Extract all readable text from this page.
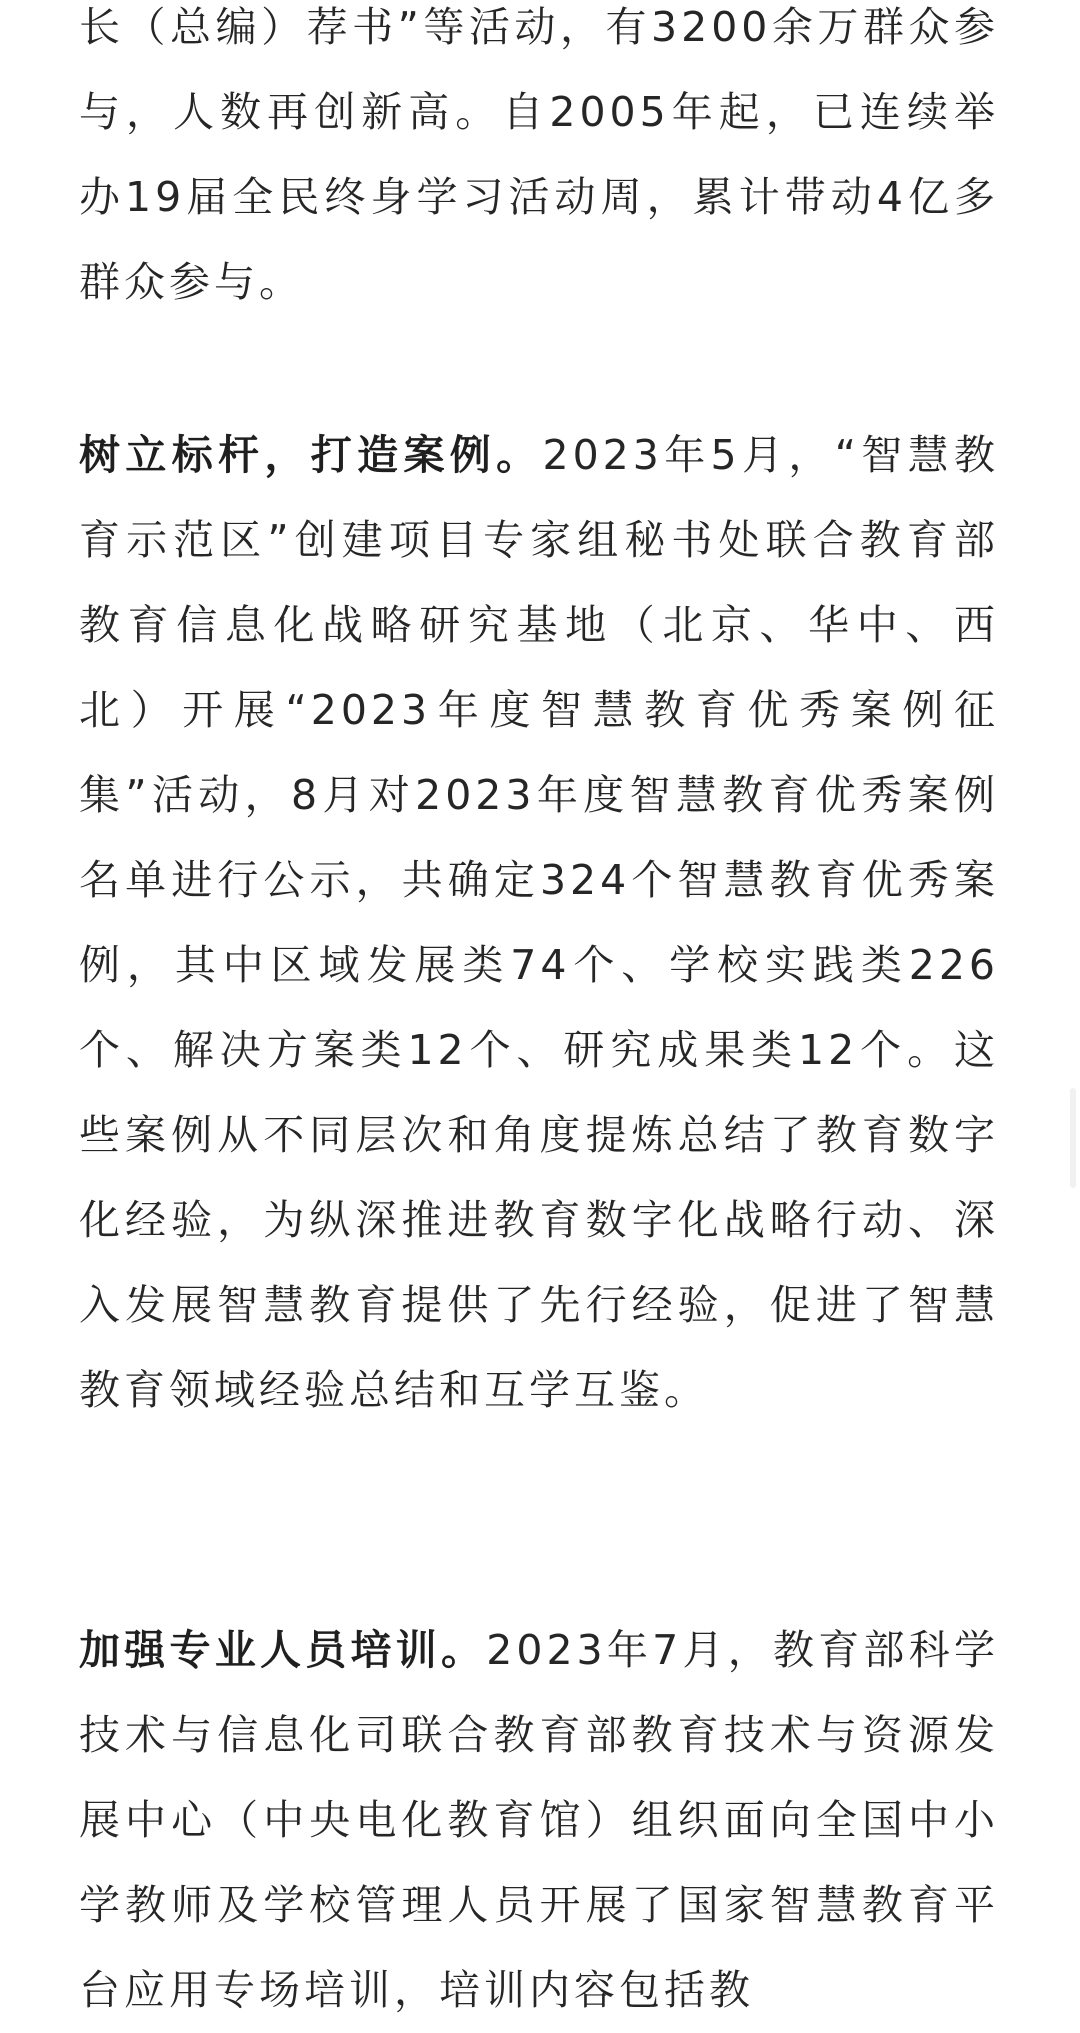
长（总编）荐书”等活动，有3200余万群众参与，人数再创新高。自2005年起，已连续举办19届全民终身学习活动周，累计带动4亿多群众参与。

树立标杆，打造案例。2023年5月，“智慧教育示范区”创建项目专家组秘书处联合教育部教育信息化战略研究基地（北京、华中、西北）开展“2023年度智慧教育优秀案例征集”活动，8月对2023年度智慧教育优秀案例名单进行公示，共确定324个智慧教育优秀案例，其中区域发展类74个、学校实践类226个、解决方案类12个、研究成果类12个。这些案例从不同层次和角度提炼总结了教育数字化经验，为纵深推进教育数字化战略行动、深入发展智慧教育提供了先行经验，促进了智慧教育领域经验总结和互学互鉴。

加强专业人员培训。2023年7月，教育部科学技术与信息化司联合教育部教育技术与资源发展中心（中央电化教育馆）组织面向全国中小学教师及学校管理人员开展了国家智慧教育平台应用专场培训，培训内容包括教
